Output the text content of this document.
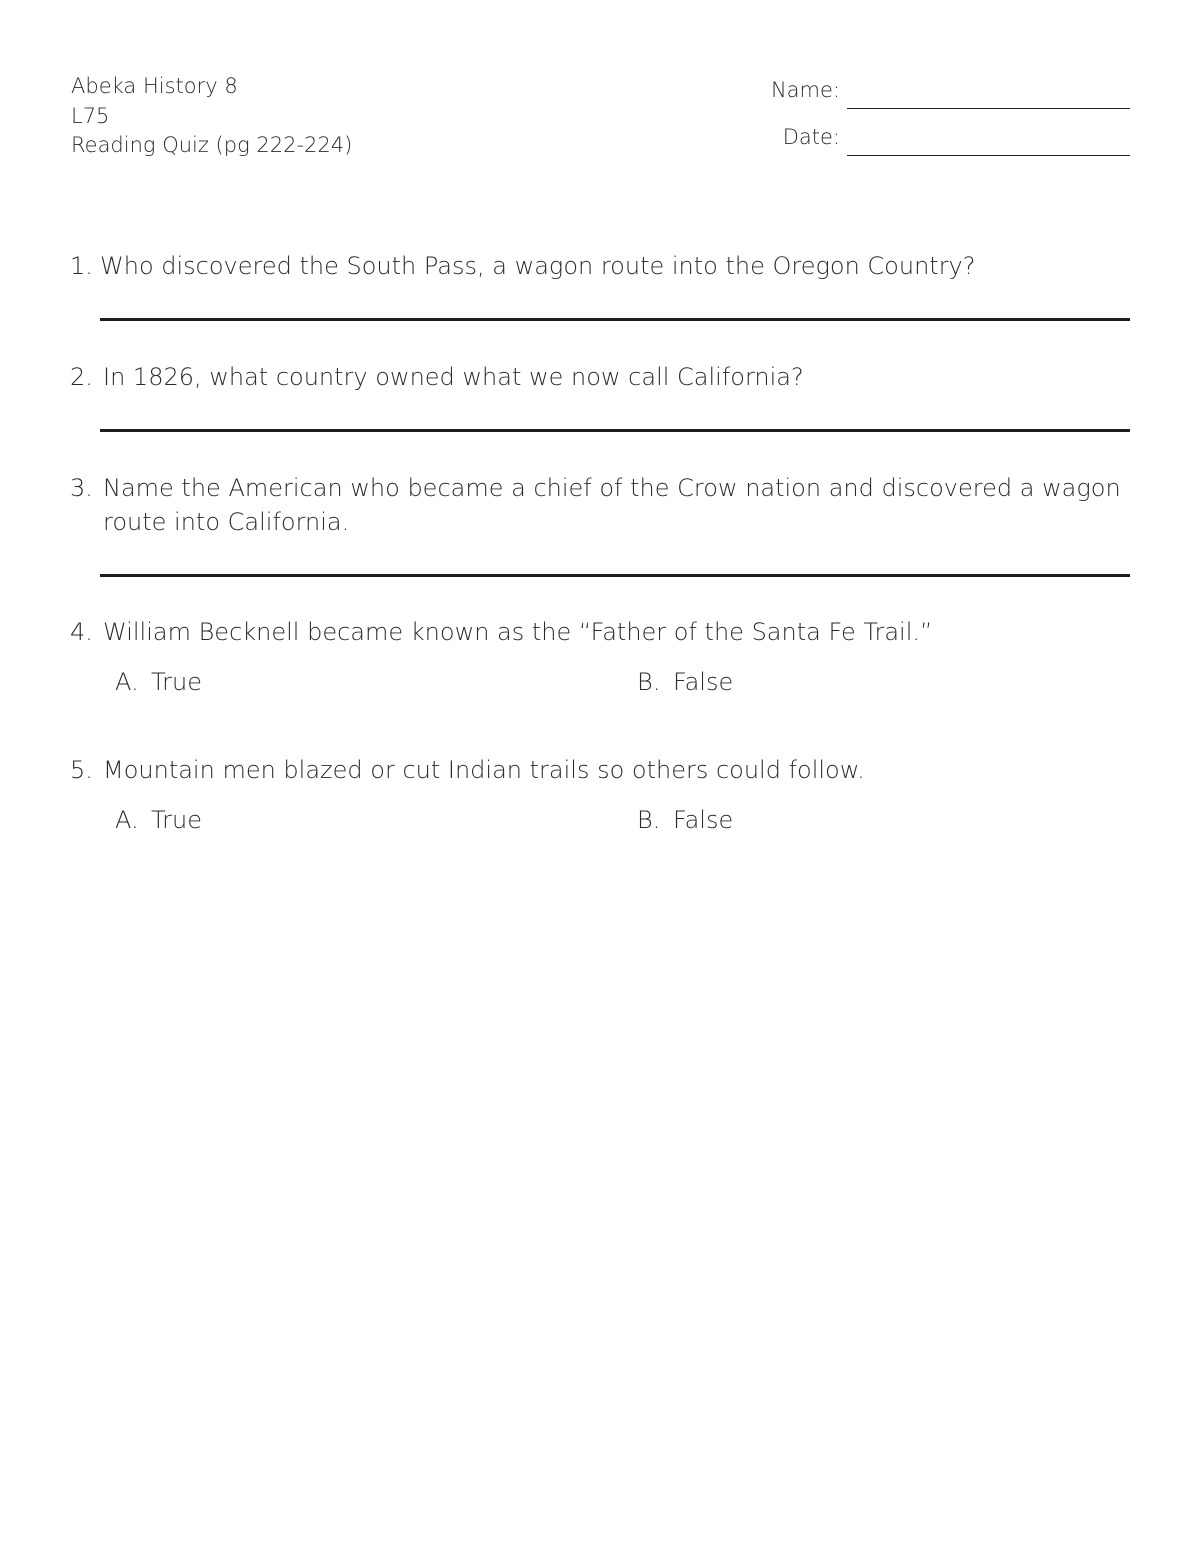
Abeka History 8
L75
Reading Quiz (pg 222-224)
Name:
Date:
1. Who discovered the South Pass, a wagon route into the Oregon Country?
2. In 1826, what country owned what we now call California?
3. Name the American who became a chief of the Crow nation and discovered a wagon route into California.
4. William Becknell became known as the “Father of the Santa Fe Trail.”
A. True	B. False
5. Mountain men blazed or cut Indian trails so others could follow.
A. True	B. False
